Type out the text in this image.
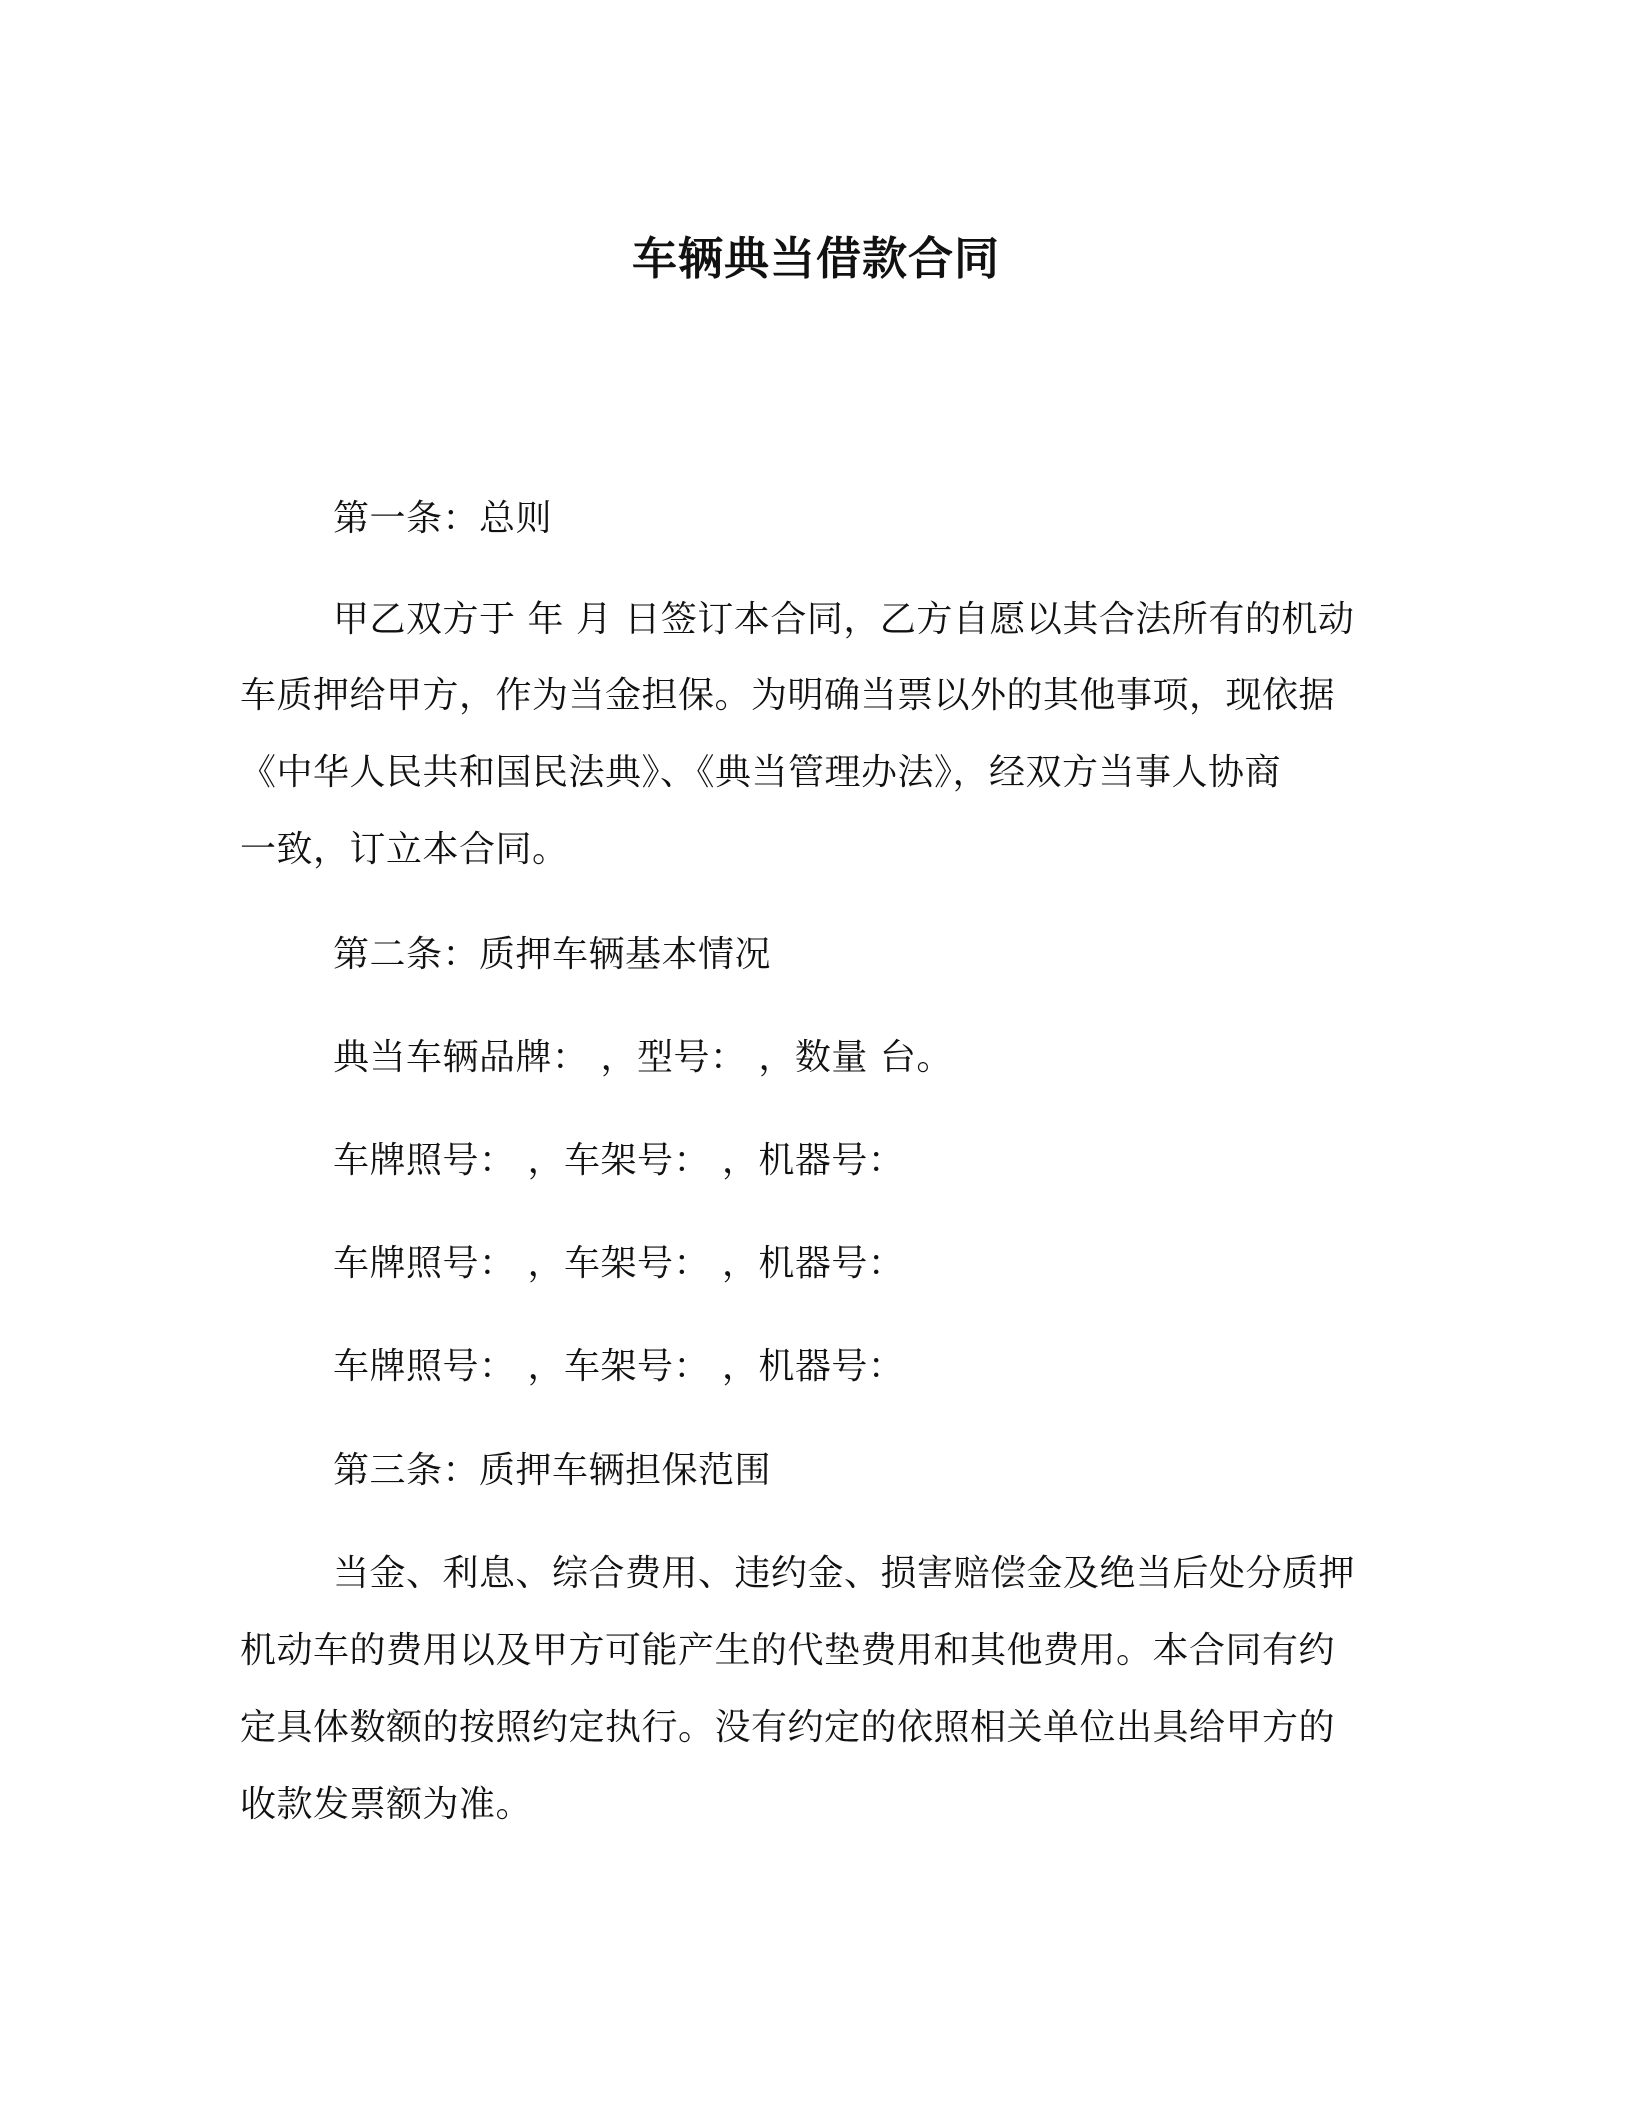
车辆典当借款合同

第一条：总则

甲乙双方于 年 月 日签订本合同，乙方自愿以其合法所有的机动

车质押给甲方，作为当金担保。为明确当票以外的其他事项，现依据

《中华人民共和国民法典》、《典当管理办法》，经双方当事人协商

一致，订立本合同。

第二条：质押车辆基本情况

典当车辆品牌： ，型号： ，数量 台。

车牌照号： ，车架号： ，机器号：

车牌照号： ，车架号： ，机器号：

车牌照号： ，车架号： ，机器号：

第三条：质押车辆担保范围

当金、利息、综合费用、违约金、损害赔偿金及绝当后处分质押

机动车的费用以及甲方可能产生的代垫费用和其他费用。本合同有约

定具体数额的按照约定执行。没有约定的依照相关单位出具给甲方的

收款发票额为准。
